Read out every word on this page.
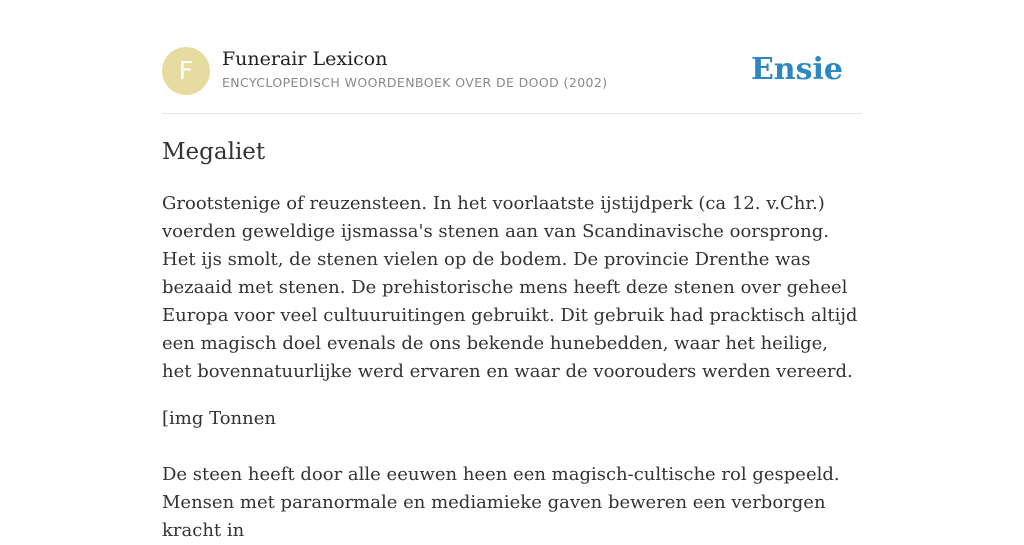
F	Funerair Lexicon
ENCYCLOPEDISCH WOORDENBOEK OVER DE DOOD (2002)	Ensie
Megaliet

Grootstenige of reuzensteen. In het voorlaatste ijstijdperk (ca 12. v.Chr.) voerden geweldige ijsmassa's stenen aan van Scandinavische oorsprong. Het ijs smolt, de stenen vielen op de bodem. De provincie Drenthe was bezaaid met stenen. De prehistorische mens heeft deze stenen over geheel Europa voor veel cultuuruitingen gebruikt. Dit gebruik had pracktisch altijd een magisch doel evenals de ons bekende hunebedden, waar het heilige, het bovennatuurlijke werd ervaren en waar de voorouders werden vereerd.

[img Tonnen

De steen heeft door alle eeuwen heen een magisch-cultische rol gespeeld. Mensen met paranormale en mediamieke gaven beweren een verborgen kracht in
